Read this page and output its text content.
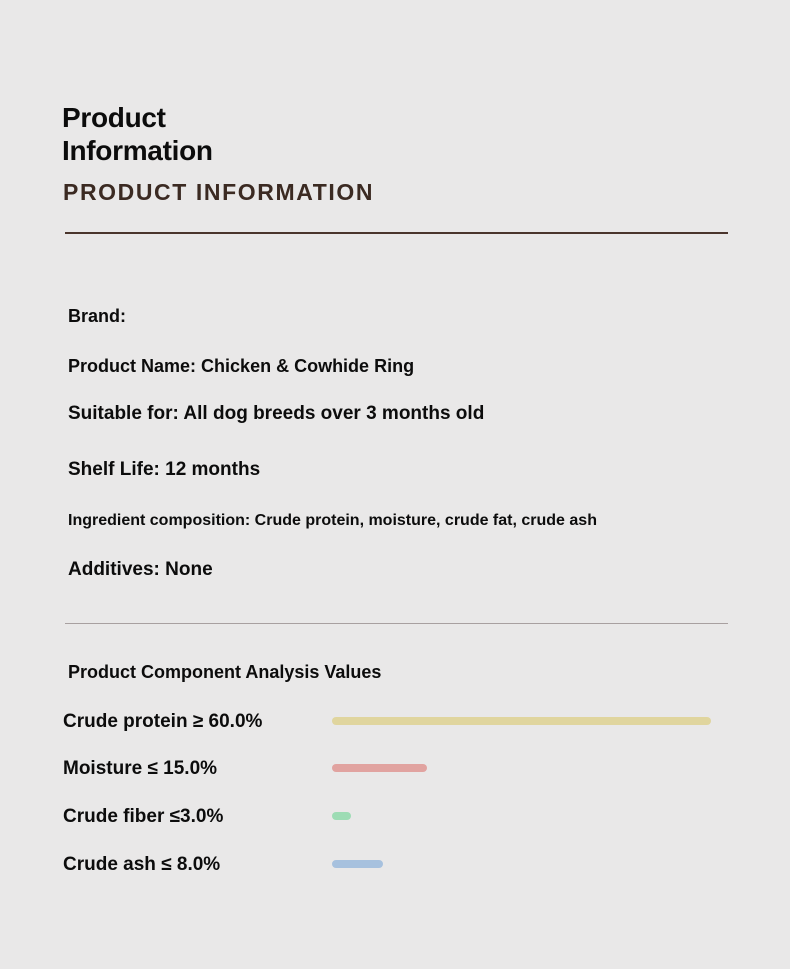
Product
Information
PRODUCT INFORMATION

Brand:

Product Name: Chicken & Cowhide Ring

Suitable for: All dog breeds over 3 months old

Shelf Life: 12 months

Ingredient composition: Crude protein, moisture, crude fat, crude ash

Additives: None

Product Component Analysis Values
Crude protein ≥ 60.0%
Moisture ≤ 15.0%
Crude fiber ≤3.0%
Crude ash ≤ 8.0%
